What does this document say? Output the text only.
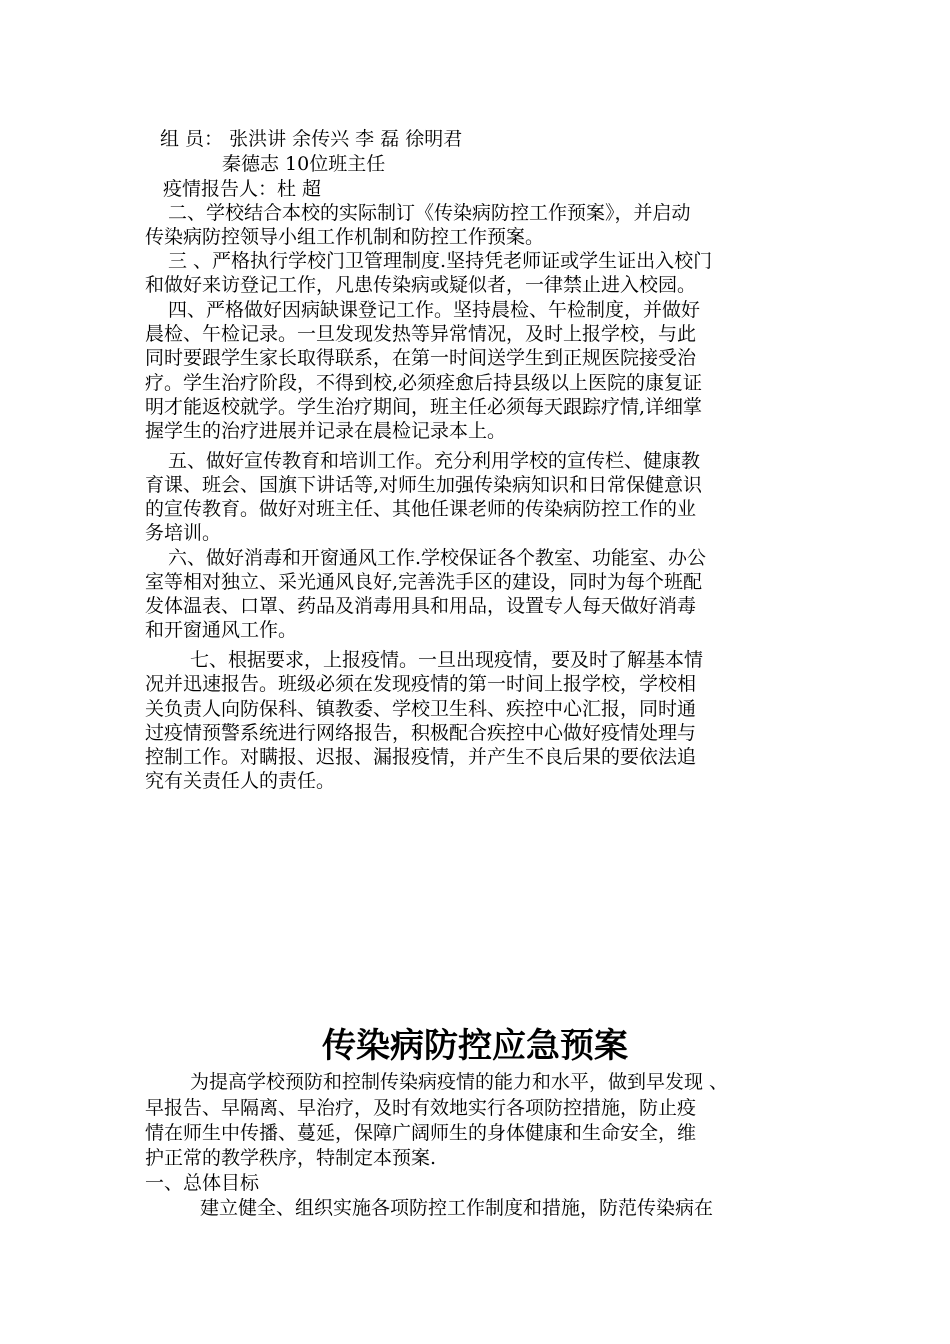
组 员： 张洪讲 余传兴 李 磊 徐明君
秦德志 10位班主任
疫情报告人：杜 超
二、学校结合本校的实际制订《传染病防控工作预案》，并启动
传染病防控领导小组工作机制和防控工作预案。
三 、严格执行学校门卫管理制度.坚持凭老师证或学生证出入校门
和做好来访登记工作，凡患传染病或疑似者，一律禁止进入校园。
四、严格做好因病缺课登记工作。坚持晨检、午检制度，并做好
晨检、午检记录。一旦发现发热等异常情况，及时上报学校，与此
同时要跟学生家长取得联系，在第一时间送学生到正规医院接受治
疗。学生治疗阶段，不得到校,必须痊愈后持县级以上医院的康复证
明才能返校就学。学生治疗期间，班主任必须每天跟踪疗情,详细掌
握学生的治疗进展并记录在晨检记录本上。
五、做好宣传教育和培训工作。充分利用学校的宣传栏、健康教
育课、班会、国旗下讲话等,对师生加强传染病知识和日常保健意识
的宣传教育。做好对班主任、其他任课老师的传染病防控工作的业
务培训。
六、做好消毒和开窗通风工作.学校保证各个教室、功能室、办公
室等相对独立、采光通风良好,完善洗手区的建设，同时为每个班配
发体温表、口罩、药品及消毒用具和用品，设置专人每天做好消毒
和开窗通风工作。
七、根据要求，上报疫情。一旦出现疫情，要及时了解基本情
况并迅速报告。班级必须在发现疫情的第一时间上报学校，学校相
关负责人向防保科、镇教委、学校卫生科、疾控中心汇报，同时通
过疫情预警系统进行网络报告，积极配合疾控中心做好疫情处理与
控制工作。对瞒报、迟报、漏报疫情，并产生不良后果的要依法追
究有关责任人的责任。
传染病防控应急预案
为提高学校预防和控制传染病疫情的能力和水平，做到早发现 、
早报告、早隔离、早治疗，及时有效地实行各项防控措施，防止疫
情在师生中传播、蔓延，保障广阔师生的身体健康和生命安全，维
护正常的教学秩序，特制定本预案.
一、总体目标
建立健全、组织实施各项防控工作制度和措施，防范传染病在
